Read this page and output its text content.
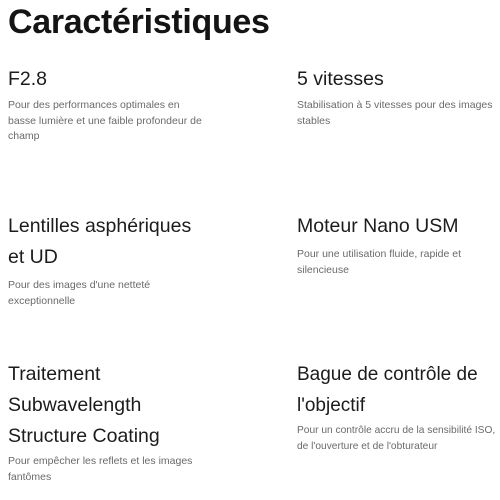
Caractéristiques
F2.8

Pour des performances optimales en basse lumière et une faible profondeur de champ

5 vitesses

Stabilisation à 5 vitesses pour des images stables

Lentilles asphériques
et UD

Pour des images d'une netteté exceptionnelle

Moteur Nano USM

Pour une utilisation fluide, rapide et silencieuse

Traitement
Subwavelength
Structure Coating

Pour empêcher les reflets et les images fantômes

Bague de contrôle de
l'objectif

Pour un contrôle accru de la sensibilité ISO, de l'ouverture et de l'obturateur
